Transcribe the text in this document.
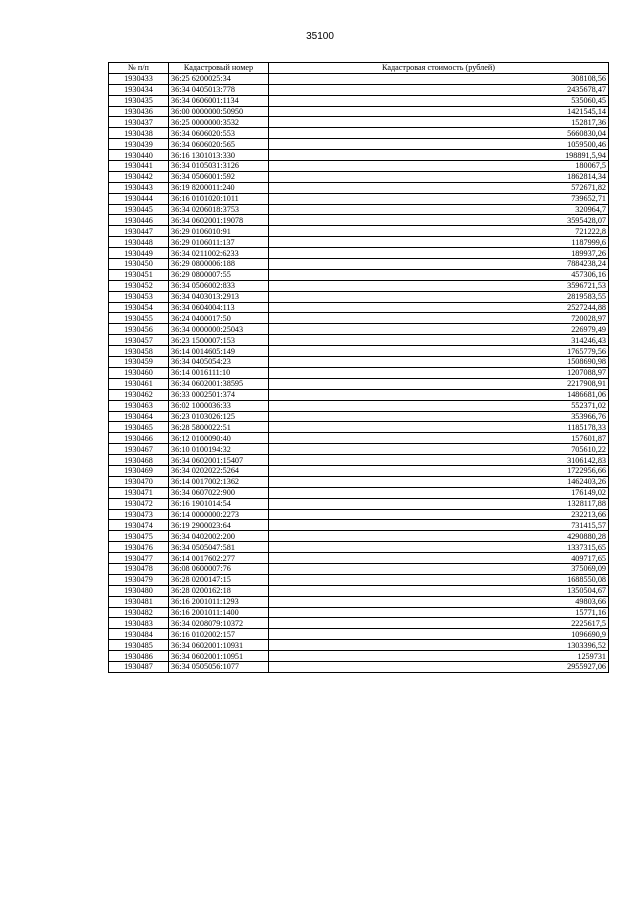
35100
№ п/п	Кадастровый номер	Кадастровая стоимость (рублей)
1930433	36:25 6200025:34	308108,56
1930434	36:34 0405013:778	2435678,47
1930435	36:34 0606001:1134	535060,45
1930436	36:00 0000000:50950	1421545,14
1930437	36:25 0000000:3532	152817,36
1930438	36:34 0606020:553	5660830,04
1930439	36:34 0606020:565	1059500,46
1930440	36:16 1301013:330	198891,5,94
1930441	36:34 0105031:3126	180067,5
1930442	36:34 0506001:592	1862814,34
1930443	36:19 8200011:240	572671,82
1930444	36:16 0101020:1011	739652,71
1930445	36:34 0206018:3753	320964,7
1930446	36:34 0602001:19078	3595428,07
1930447	36:29 0106010:91	721222,8
1930448	36:29 0106011:137	1187999,6
1930449	36:34 0211002:6233	189937,26
1930450	36:29 0800006:188	7884238,24
1930451	36:29 0800007:55	457306,16
1930452	36:34 0506002:833	3596721,53
1930453	36:34 0403013:2913	2819583,55
1930454	36:34 0604004:113	2527244,88
1930455	36:24 0400017:50	720028,97
1930456	36:34 0000000:25043	226979,49
1930457	36:23 1500007:153	314246,43
1930458	36:14 0014605:149	1765779,56
1930459	36:34 0405054:23	1508690,98
1930460	36:14 0016111:10	1207088,97
1930461	36:34 0602001:38595	2217908,91
1930462	36:33 0002501:374	1486681,06
1930463	36:02 1000036:33	552371,02
1930464	36:23 0103026:125	353966,76
1930465	36:28 5800022:51	1185178,33
1930466	36:12 0100090:40	157601,87
1930467	36:10 0100194:32	705610,22
1930468	36:34 0602001:15407	3106142,83
1930469	36:34 0202022:5264	1722956,66
1930470	36:14 0017002:1362	1462403,26
1930471	36:34 0607022:900	176149,02
1930472	36:16 1901014:54	1328117,88
1930473	36:14 0000000:2273	232213,66
1930474	36:19 2900023:64	731415,57
1930475	36:34 0402002:200	4290880,28
1930476	36:34 0505047:581	1337315,65
1930477	36:14 0017602:277	409717,65
1930478	36:08 0600007:76	375069,09
1930479	36:28 0200147:15	1688550,08
1930480	36:28 0200162:18	1350504,67
1930481	36:16 2001011:1293	49803,66
1930482	36:16 2001011:1400	15771,16
1930483	36:34 0208079:10372	2225617,5
1930484	36:16 0102002:157	1096690,9
1930485	36:34 0602001:10931	1303396,52
1930486	36:34 0602001:10951	1259731
1930487	36:34 0505056:1077	2955927,06
